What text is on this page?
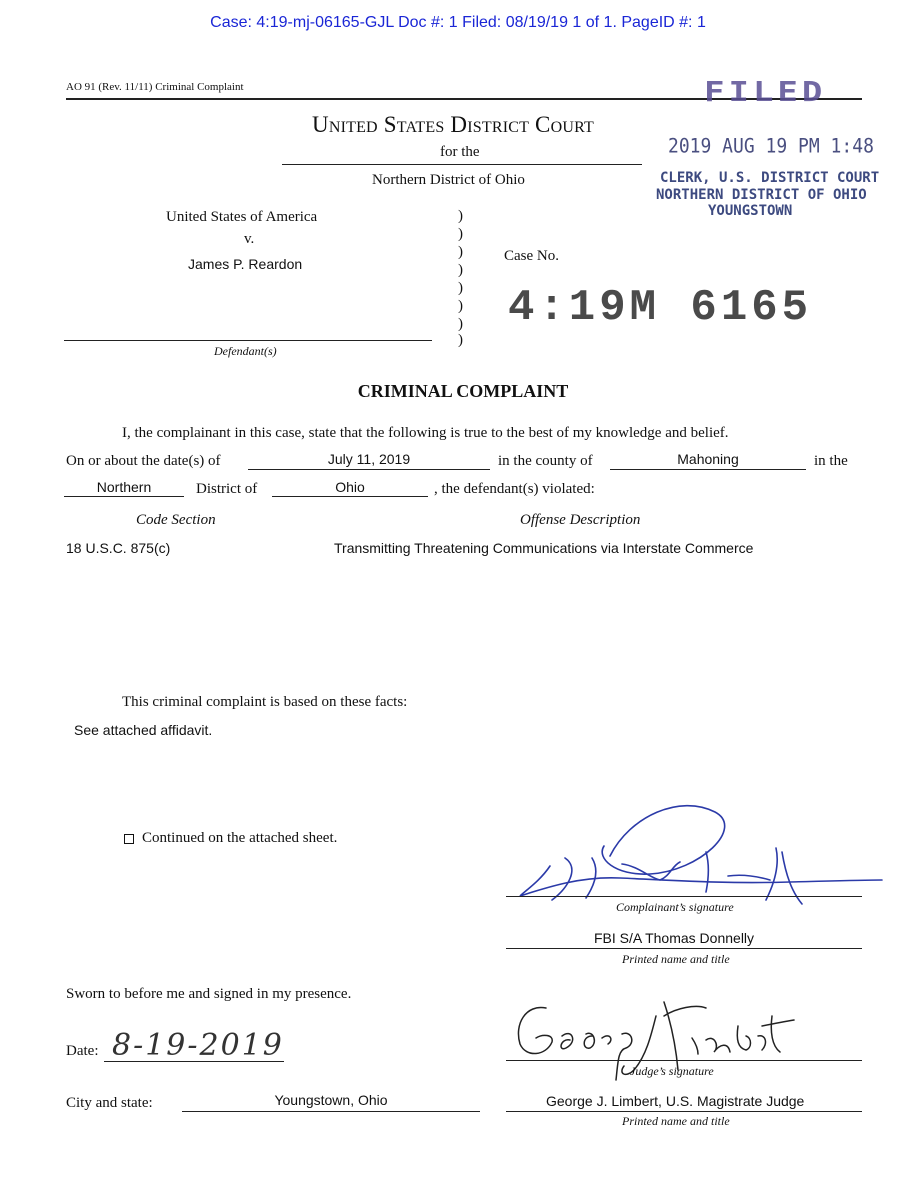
Case: 4:19-mj-06165-GJL Doc #: 1 Filed: 08/19/19 1 of 1. PageID #: 1
AO 91 (Rev. 11/11) Criminal Complaint	FILED
2019 AUG 19 PM 1:48
CLERK, U.S. DISTRICT COURT
NORTHERN DISTRICT OF OHIO
YOUNGSTOWN
United States District Court
for the
Northern District of Ohio
United States of America
v.
James P. Reardon
Defendant(s)
)
)
)
)
)
)
)
)
Case No.
4:19M 6165
CRIMINAL COMPLAINT
I, the complainant in this case, state that the following is true to the best of my knowledge and belief.
On or about the date(s) of	July 11, 2019	in the county of	Mahoning	in the
Northern	District of	Ohio	, the defendant(s) violated:
Code Section	Offense Description
18 U.S.C. 875(c)	Transmitting Threatening Communications via Interstate Commerce
This criminal complaint is based on these facts:
See attached affidavit.
Continued on the attached sheet.
Complainant’s signature
FBI S/A Thomas Donnelly
Printed name and title
Sworn to before me and signed in my presence.
Date: 8-19-2019
Judge’s signature
George J. Limbert, U.S. Magistrate Judge
Printed name and title
City and state:	Youngstown, Ohio
